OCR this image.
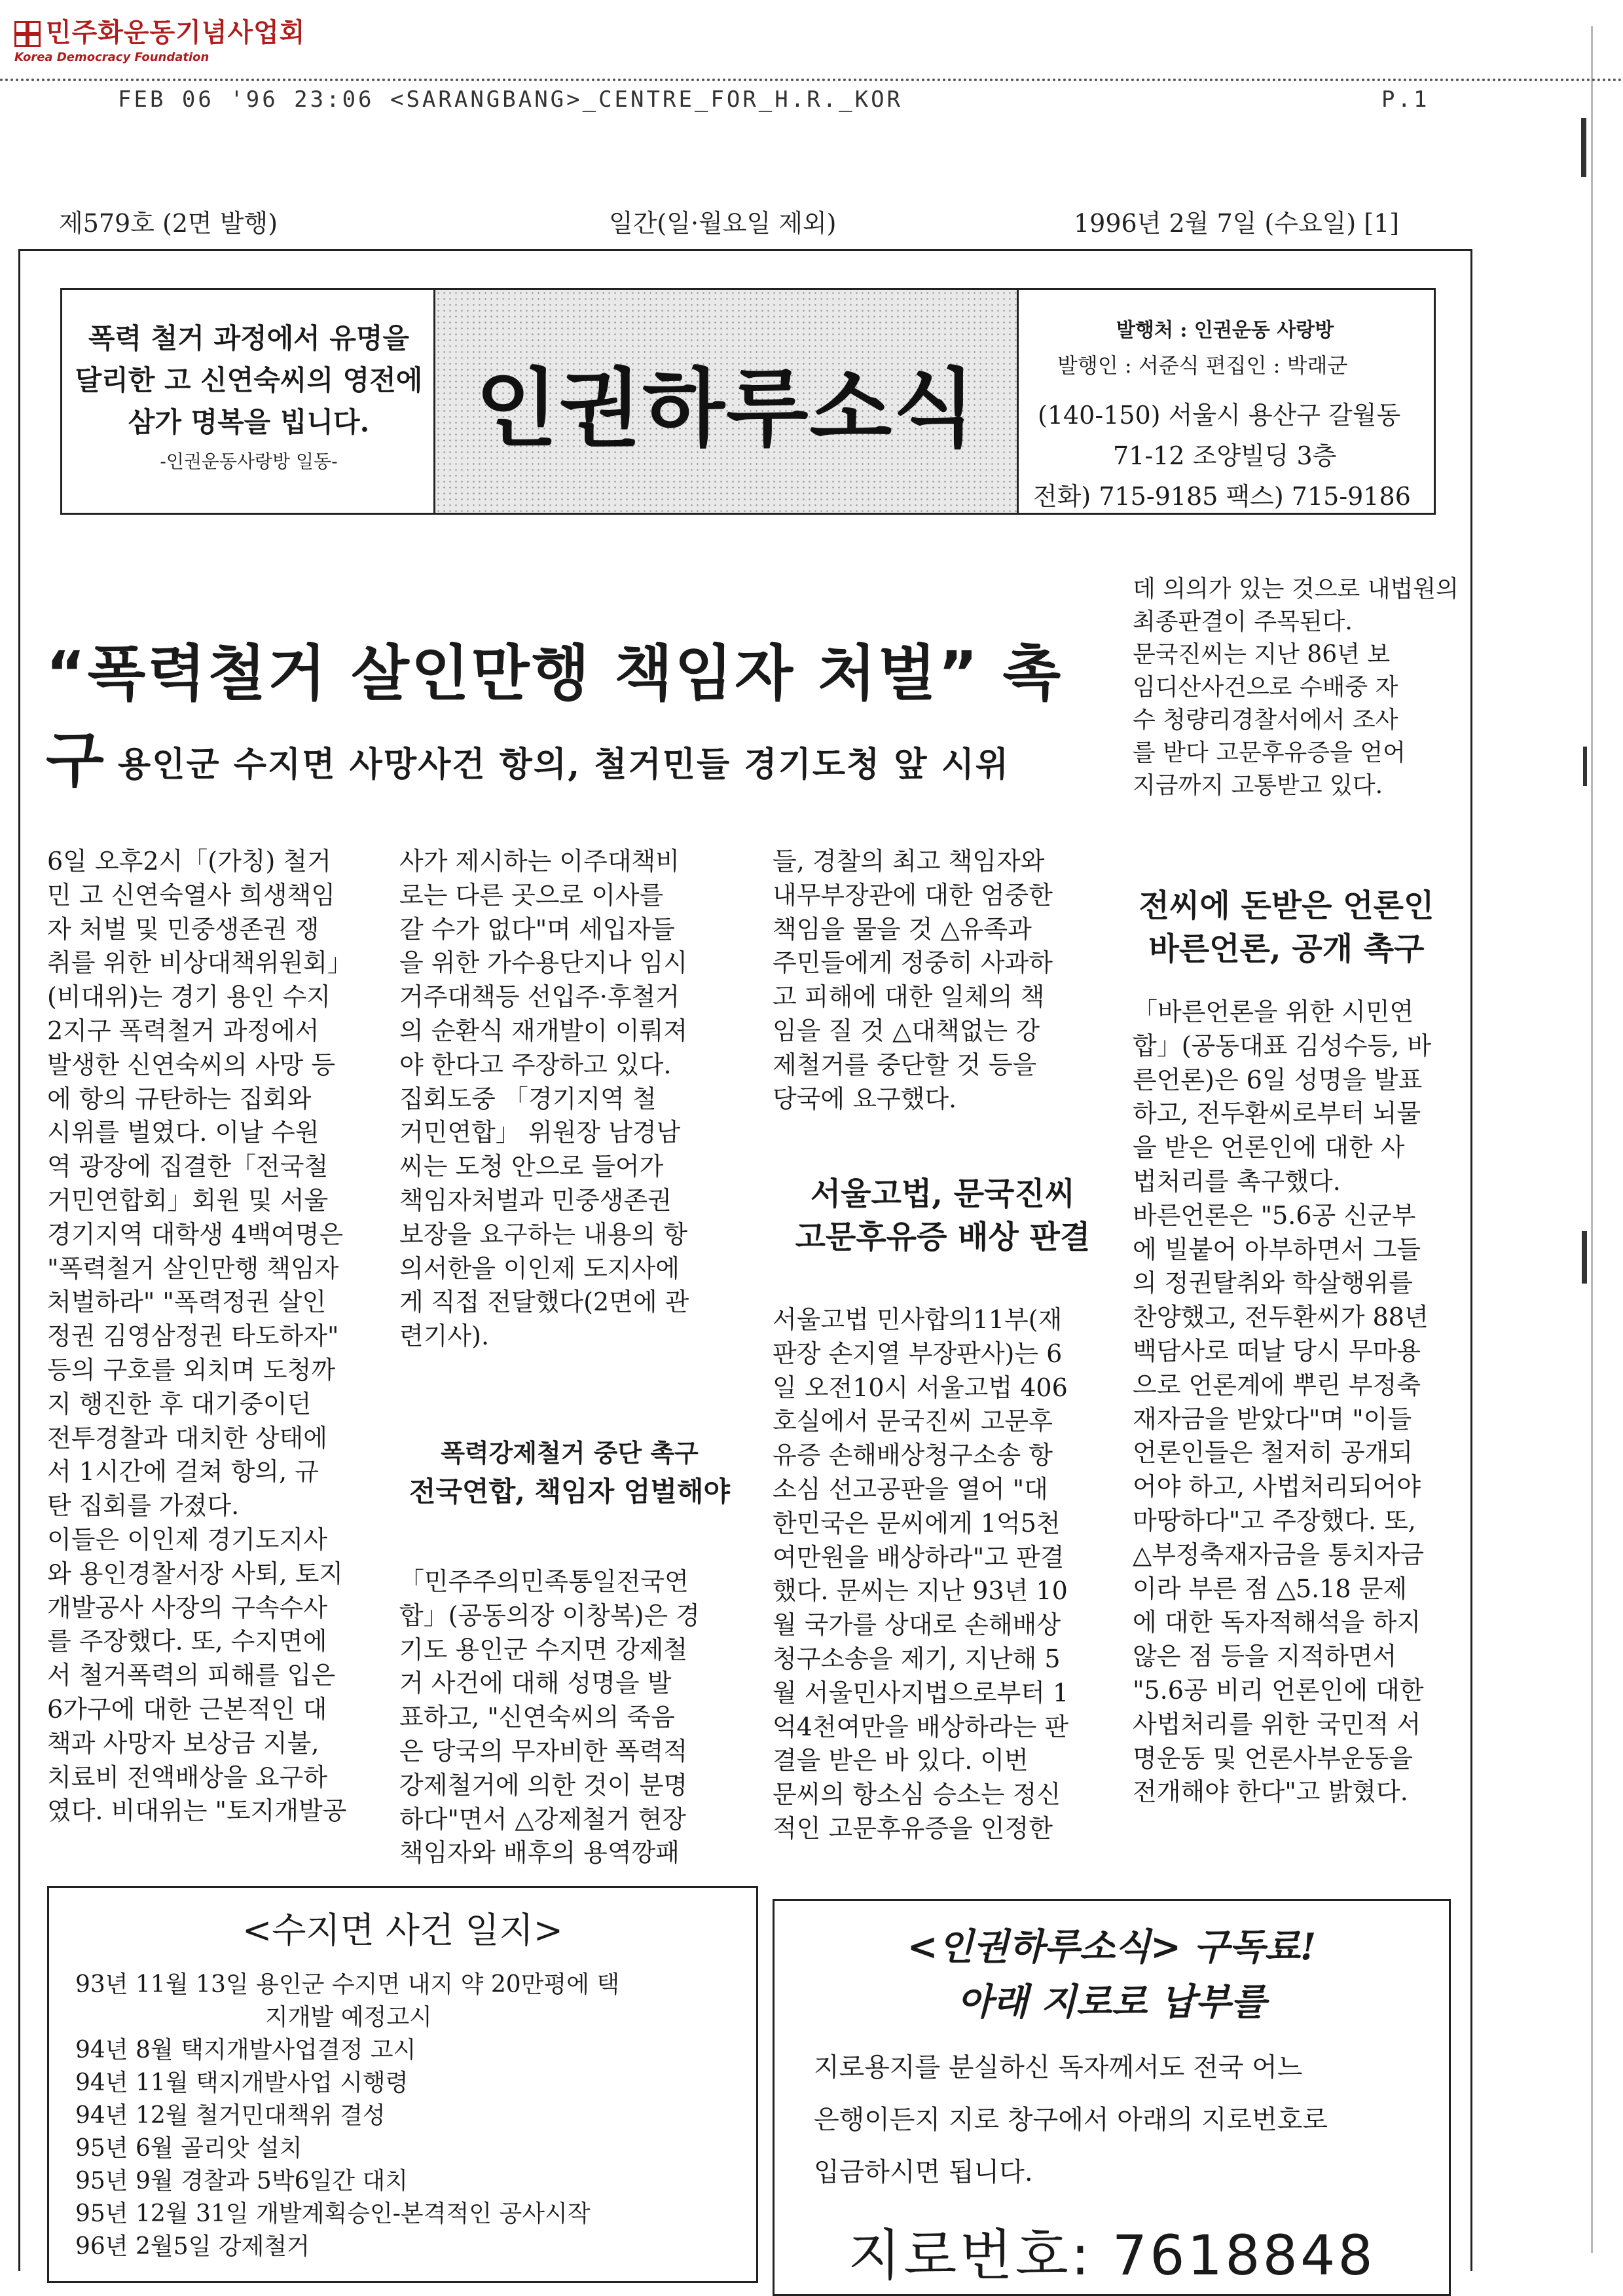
민주화운동기념사업회
Korea Democracy Foundation
FEB 06 '96 23:06 <SARANGBANG>_CENTRE_FOR_H.R._KOR	P.1
제579호 (2면 발행)	일간(일·월요일 제외)	1996년 2월 7일 (수요일) [1]
폭력 철거 과정에서 유명을
달리한 고 신연숙씨의 영전에
삼가 명복을 빕니다.
-인권운동사랑방 일동-
인권하루소식
발행처 : 인권운동 사랑방
발행인 : 서준식 편집인 : 박래군
(140-150) 서울시 용산구 갈월동
71-12 조양빌딩 3층
전화) 715-9185 팩스) 715-9186
“폭력철거 살인만행 책임자 처벌” 촉구 용인군 수지면 사망사건 항의, 철거민들 경기도청 앞 시위

데 의의가 있는 것으로 내법원의

최종판결이 주목된다.

문국진씨는 지난 86년 보

임디산사건으로 수배중 자

수 청량리경찰서에서 조사

를 받다 고문후유증을 얻어

지금까지 고통받고 있다.

6일 오후2시「(가칭) 철거

민 고 신연숙열사 희생책임

자 처벌 및 민중생존권 쟁

취를 위한 비상대책위원회」

(비대위)는 경기 용인 수지

2지구 폭력철거 과정에서

발생한 신연숙씨의 사망 등

에 항의 규탄하는 집회와

시위를 벌였다. 이날 수원

역 광장에 집결한「전국철

거민연합회」회원 및 서울

경기지역 대학생 4백여명은

"폭력철거 살인만행 책임자

처벌하라" "폭력정권 살인

정권 김영삼정권 타도하자"

등의 구호를 외치며 도청까

지 행진한 후 대기중이던

전투경찰과 대치한 상태에

서 1시간에 걸쳐 항의, 규

탄 집회를 가졌다.

이들은 이인제 경기도지사

와 용인경찰서장 사퇴, 토지

개발공사 사장의 구속수사

를 주장했다. 또, 수지면에

서 철거폭력의 피해를 입은

6가구에 대한 근본적인 대

책과 사망자 보상금 지불,

치료비 전액배상을 요구하

였다. 비대위는 "토지개발공

사가 제시하는 이주대책비

로는 다른 곳으로 이사를

갈 수가 없다"며 세입자들

을 위한 가수용단지나 임시

거주대책등 선입주·후철거

의 순환식 재개발이 이뤄져

야 한다고 주장하고 있다.

집회도중 「경기지역 철

거민연합」 위원장 남경남

씨는 도청 안으로 들어가

책임자처벌과 민중생존권

보장을 요구하는 내용의 항

의서한을 이인제 도지사에

게 직접 전달했다(2면에 관

련기사).

폭력강제철거 중단 촉구
전국연합, 책임자 엄벌해야

「민주주의민족통일전국연

합」(공동의장 이창복)은 경

기도 용인군 수지면 강제철

거 사건에 대해 성명을 발

표하고, "신연숙씨의 죽음

은 당국의 무자비한 폭력적

강제철거에 의한 것이 분명

하다"면서 △강제철거 현장

책임자와 배후의 용역깡패

들, 경찰의 최고 책임자와

내무부장관에 대한 엄중한

책임을 물을 것 △유족과

주민들에게 정중히 사과하

고 피해에 대한 일체의 책

임을 질 것 △대책없는 강

제철거를 중단할 것 등을

당국에 요구했다.

서울고법, 문국진씨
고문후유증 배상 판결

서울고법 민사합의11부(재

판장 손지열 부장판사)는 6

일 오전10시 서울고법 406

호실에서 문국진씨 고문후

유증 손해배상청구소송 항

소심 선고공판을 열어 "대

한민국은 문씨에게 1억5천

여만원을 배상하라"고 판결

했다. 문씨는 지난 93년 10

월 국가를 상대로 손해배상

청구소송을 제기, 지난해 5

월 서울민사지법으로부터 1

억4천여만을 배상하라는 판

결을 받은 바 있다. 이번

문씨의 항소심 승소는 정신

적인 고문후유증을 인정한

전씨에 돈받은 언론인
바른언론, 공개 촉구

「바른언론을 위한 시민연

합」(공동대표 김성수등, 바

른언론)은 6일 성명을 발표

하고, 전두환씨로부터 뇌물

을 받은 언론인에 대한 사

법처리를 촉구했다.

바른언론은 "5.6공 신군부

에 빌붙어 아부하면서 그들

의 정권탈취와 학살행위를

찬양했고, 전두환씨가 88년

백담사로 떠날 당시 무마용

으로 언론계에 뿌린 부정축

재자금을 받았다"며 "이들

언론인들은 철저히 공개되

어야 하고, 사법처리되어야

마땅하다"고 주장했다. 또,

△부정축재자금을 통치자금

이라 부른 점 △5.18 문제

에 대한 독자적해석을 하지

않은 점 등을 지적하면서

"5.6공 비리 언론인에 대한

사법처리를 위한 국민적 서

명운동 및 언론사부운동을

전개해야 한다"고 밝혔다.

<수지면 사건 일지>
93년 11월 13일 용인군 수지면 내지 약 20만평에 택
지개발 예정고시
94년 8월 택지개발사업결정 고시
94년 11월 택지개발사업 시행령
94년 12월 철거민대책위 결성
95년 6월 골리앗 설치
95년 9월 경찰과 5박6일간 대치
95년 12월 31일 개발계획승인-본격적인 공사시작
96년 2월5일 강제철거
<인권하루소식> 구독료!
아래 지로로 납부를
지로용지를 분실하신 독자께서도 전국 어느
은행이든지 지로 창구에서 아래의 지로번호로
입금하시면 됩니다.
지로번호: 7618848
